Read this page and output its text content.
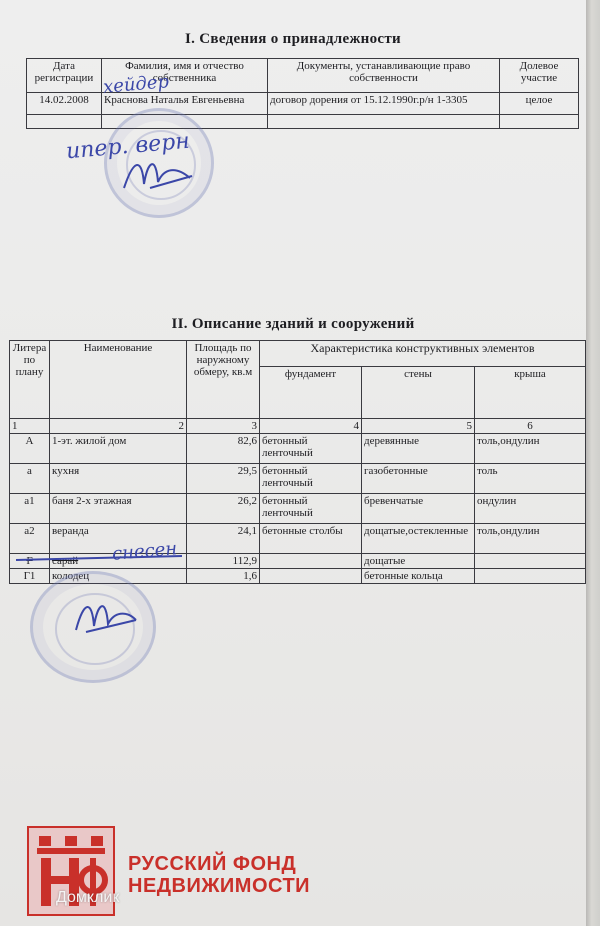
I. Сведения о принадлежности
Дата регистрации	Фамилия, имя и отчество собственника	Документы, устанавливающие право собственности	Долевое участие
14.02.2008	Краснова Наталья Евгеньевна	договор дорения от 15.12.1990г.р/н 1-3305	целое

хейдер
ипер. верн
II. Описание зданий и сооружений
Литера по плану	Наименование	Площадь по наружному обмеру, кв.м	Характеристика конструктивных элементов		
			фундамент	стены	крыша
1	2	3	4	5	6
А	1-эт. жилой дом	82,6	бетонный ленточный	деревянные	толь,ондулин
а	кухня	29,5	бетонный ленточный	газобетонные	толь
а1	баня 2-х этажная	26,2	бетонный ленточный	бревенчатые	ондулин
а2	веранда	24,1	бетонные столбы	дощатые,остекленные	толь,ондулин
Г	сарай	112,9		дощатые	
Г1	колодец	1,6		бетонные кольца	
снесен
РУССКИЙ ФОНД
НЕДВИЖИМОСТИ
Домклик
